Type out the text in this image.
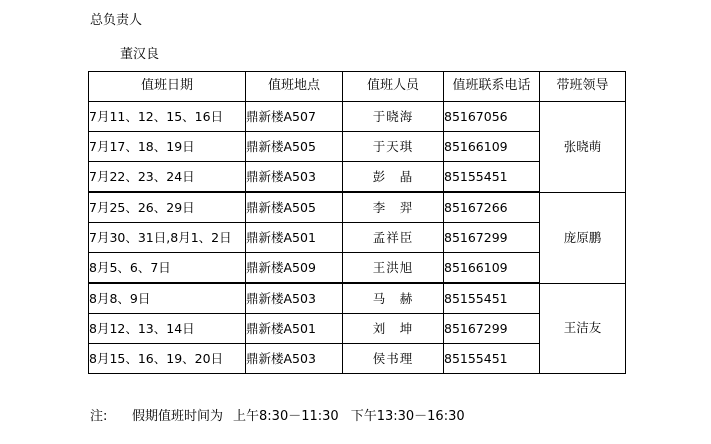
总负责人
董汉良
值班日期	值班地点	值班人员	值班联系电话	带班领导
7月11、12、15、16日	鼎新楼A507	于晓海	85167056	张晓萌
7月17、18、19日	鼎新楼A505	于天琪	85166109	
7月22、23、24日	鼎新楼A503	彭　晶	85155451	
7月25、26、29日	鼎新楼A505	李　羿	85167266	庞原鹏
7月30、31日,8月1、2日	鼎新楼A501	孟祥臣	85167299	
8月5、6、7日	鼎新楼A509	王洪旭	85166109	
8月8、9日	鼎新楼A503	马　赫	85155451	王洁友
8月12、13、14日	鼎新楼A501	刘　坤	85167299	
8月15、16、19、20日	鼎新楼A503	侯书理	85155451	
注: 假期值班时间为 上午8:30－11:30 下午13:30－16:30
